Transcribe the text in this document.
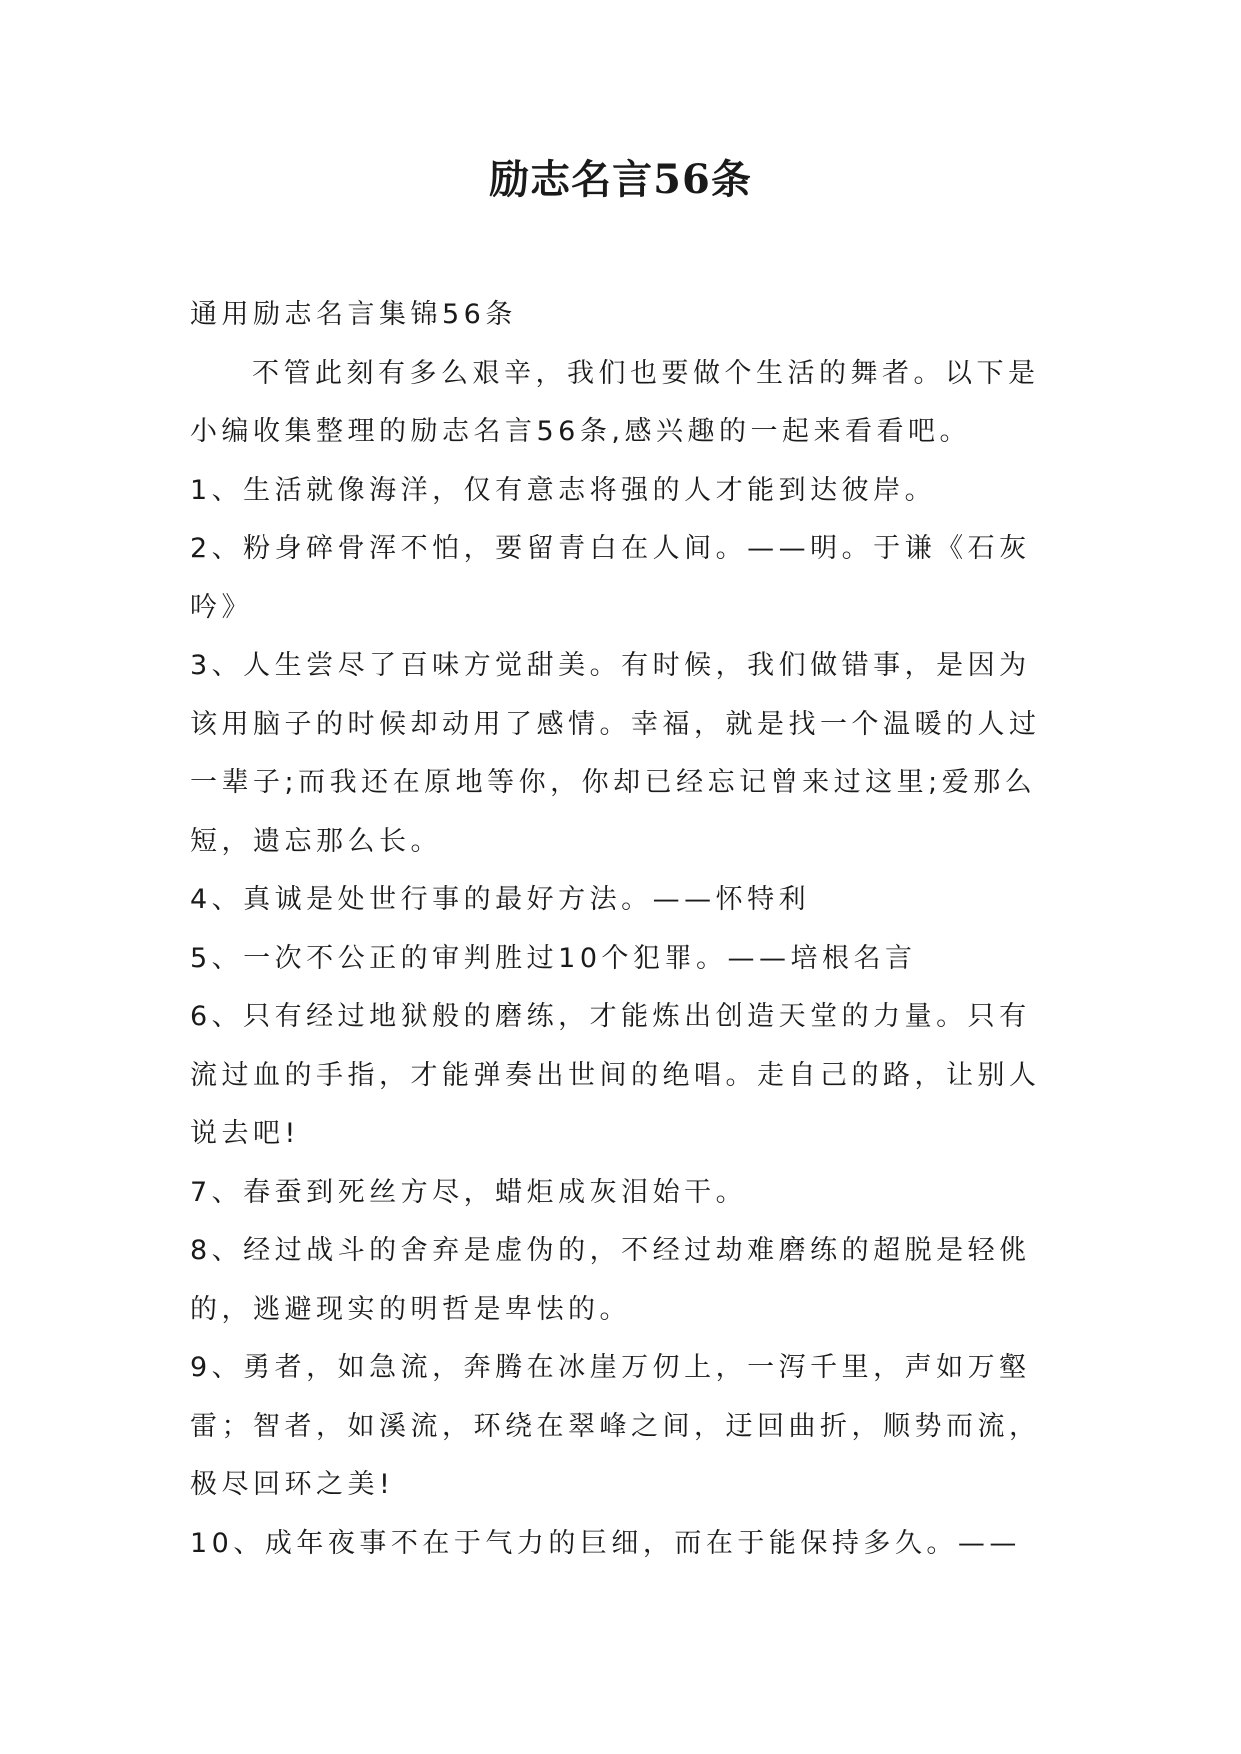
励志名言56条

通用励志名言集锦56条

不管此刻有多么艰辛，我们也要做个生活的舞者。以下是小编收集整理的励志名言56条,感兴趣的一起来看看吧。

1、生活就像海洋，仅有意志将强的人才能到达彼岸。

2、粉身碎骨浑不怕，要留青白在人间。——明。于谦《石灰吟》

3、人生尝尽了百味方觉甜美。有时候，我们做错事，是因为该用脑子的时候却动用了感情。幸福，就是找一个温暖的人过一辈子;而我还在原地等你，你却已经忘记曾来过这里;爱那么短，遗忘那么长。

4、真诚是处世行事的最好方法。——怀特利

5、一次不公正的审判胜过10个犯罪。——培根名言

6、只有经过地狱般的磨练，才能炼出创造天堂的力量。只有流过血的手指，才能弹奏出世间的绝唱。走自己的路，让别人说去吧!

7、春蚕到死丝方尽，蜡炬成灰泪始干。

8、经过战斗的舍弃是虚伪的，不经过劫难磨练的超脱是轻佻的，逃避现实的明哲是卑怯的。

9、勇者，如急流，奔腾在冰崖万仞上，一泻千里，声如万壑雷；智者，如溪流，环绕在翠峰之间，迂回曲折，顺势而流，极尽回环之美!

10、成年夜事不在于气力的巨细，而在于能保持多久。——
